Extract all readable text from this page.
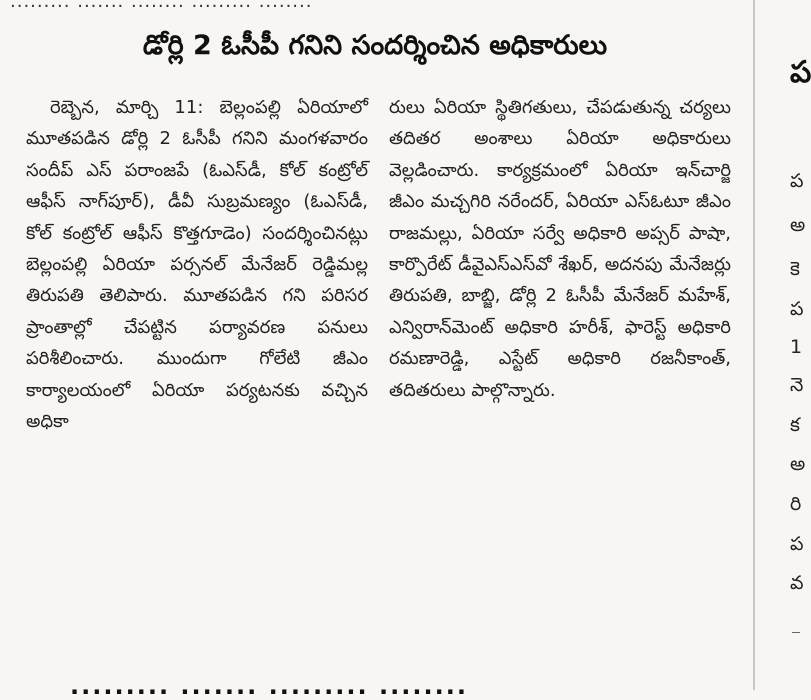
......... ....... ........ ......... ........
డోర్లి 2 ఓసీపీ గనిని సందర్శించిన అధికారులు

రెబ్బెన, మార్చి 11: బెల్లంపల్లి ఏరియాలో మూతపడిన డోర్లి 2 ఓసీపీ గనిని మంగళవారం సందీప్ ఎస్ పరాంజపే (ఓఎస్‌డీ, కోల్ కంట్రోల్ ఆఫీస్ నాగ్‌పూర్), డీవీ సుబ్రమణ్యం (ఓఎస్‌డీ, కోల్ కంట్రోల్ ఆఫీస్ కొత్తగూడెం) సందర్శించినట్లు బెల్లంపల్లి ఏరియా పర్సనల్ మేనేజర్ రెడ్డిమల్ల తిరుపతి తెలిపారు. మూతపడిన గని పరిసర ప్రాంతాల్లో చేపట్టిన పర్యావరణ పనులు పరిశీలించారు. ముందుగా గోలేటి జీఎం కార్యాలయంలో ఏరియా పర్యటనకు వచ్చిన అధికా

రులు ఏరియా స్థితిగతులు, చేపడుతున్న చర్యలు తదితర అంశాలు ఏరియా అధికారులు వెల్లడించారు. కార్యక్రమంలో ఏరియా ఇన్‌చార్జి జీఎం మచ్చగిరి నరేందర్, ఏరియా ఎస్‌ఓటూ జీఎం రాజమల్లు, ఏరియా సర్వే అధికారి అప్సర్ పాషా, కార్పొరేట్ డీవైఎస్‌ఎస్‌వో శేఖర్, అదనపు మేనేజర్లు తిరుపతి, బాబ్జి, డోర్లి 2 ఓసీపీ మేనేజర్ మహేశ్, ఎన్విరాన్‌మెంట్ అధికారి హరీశ్, ఫారెస్ట్ అధికారి రమణారెడ్డి, ఎస్టేట్ అధికారి రజనీకాంత్, తదితరులు పాల్గొన్నారు.

ప
ప
అ
కె
ప
1
నె
క
అ
రి
ప
వ
......... ....... ......... ........
